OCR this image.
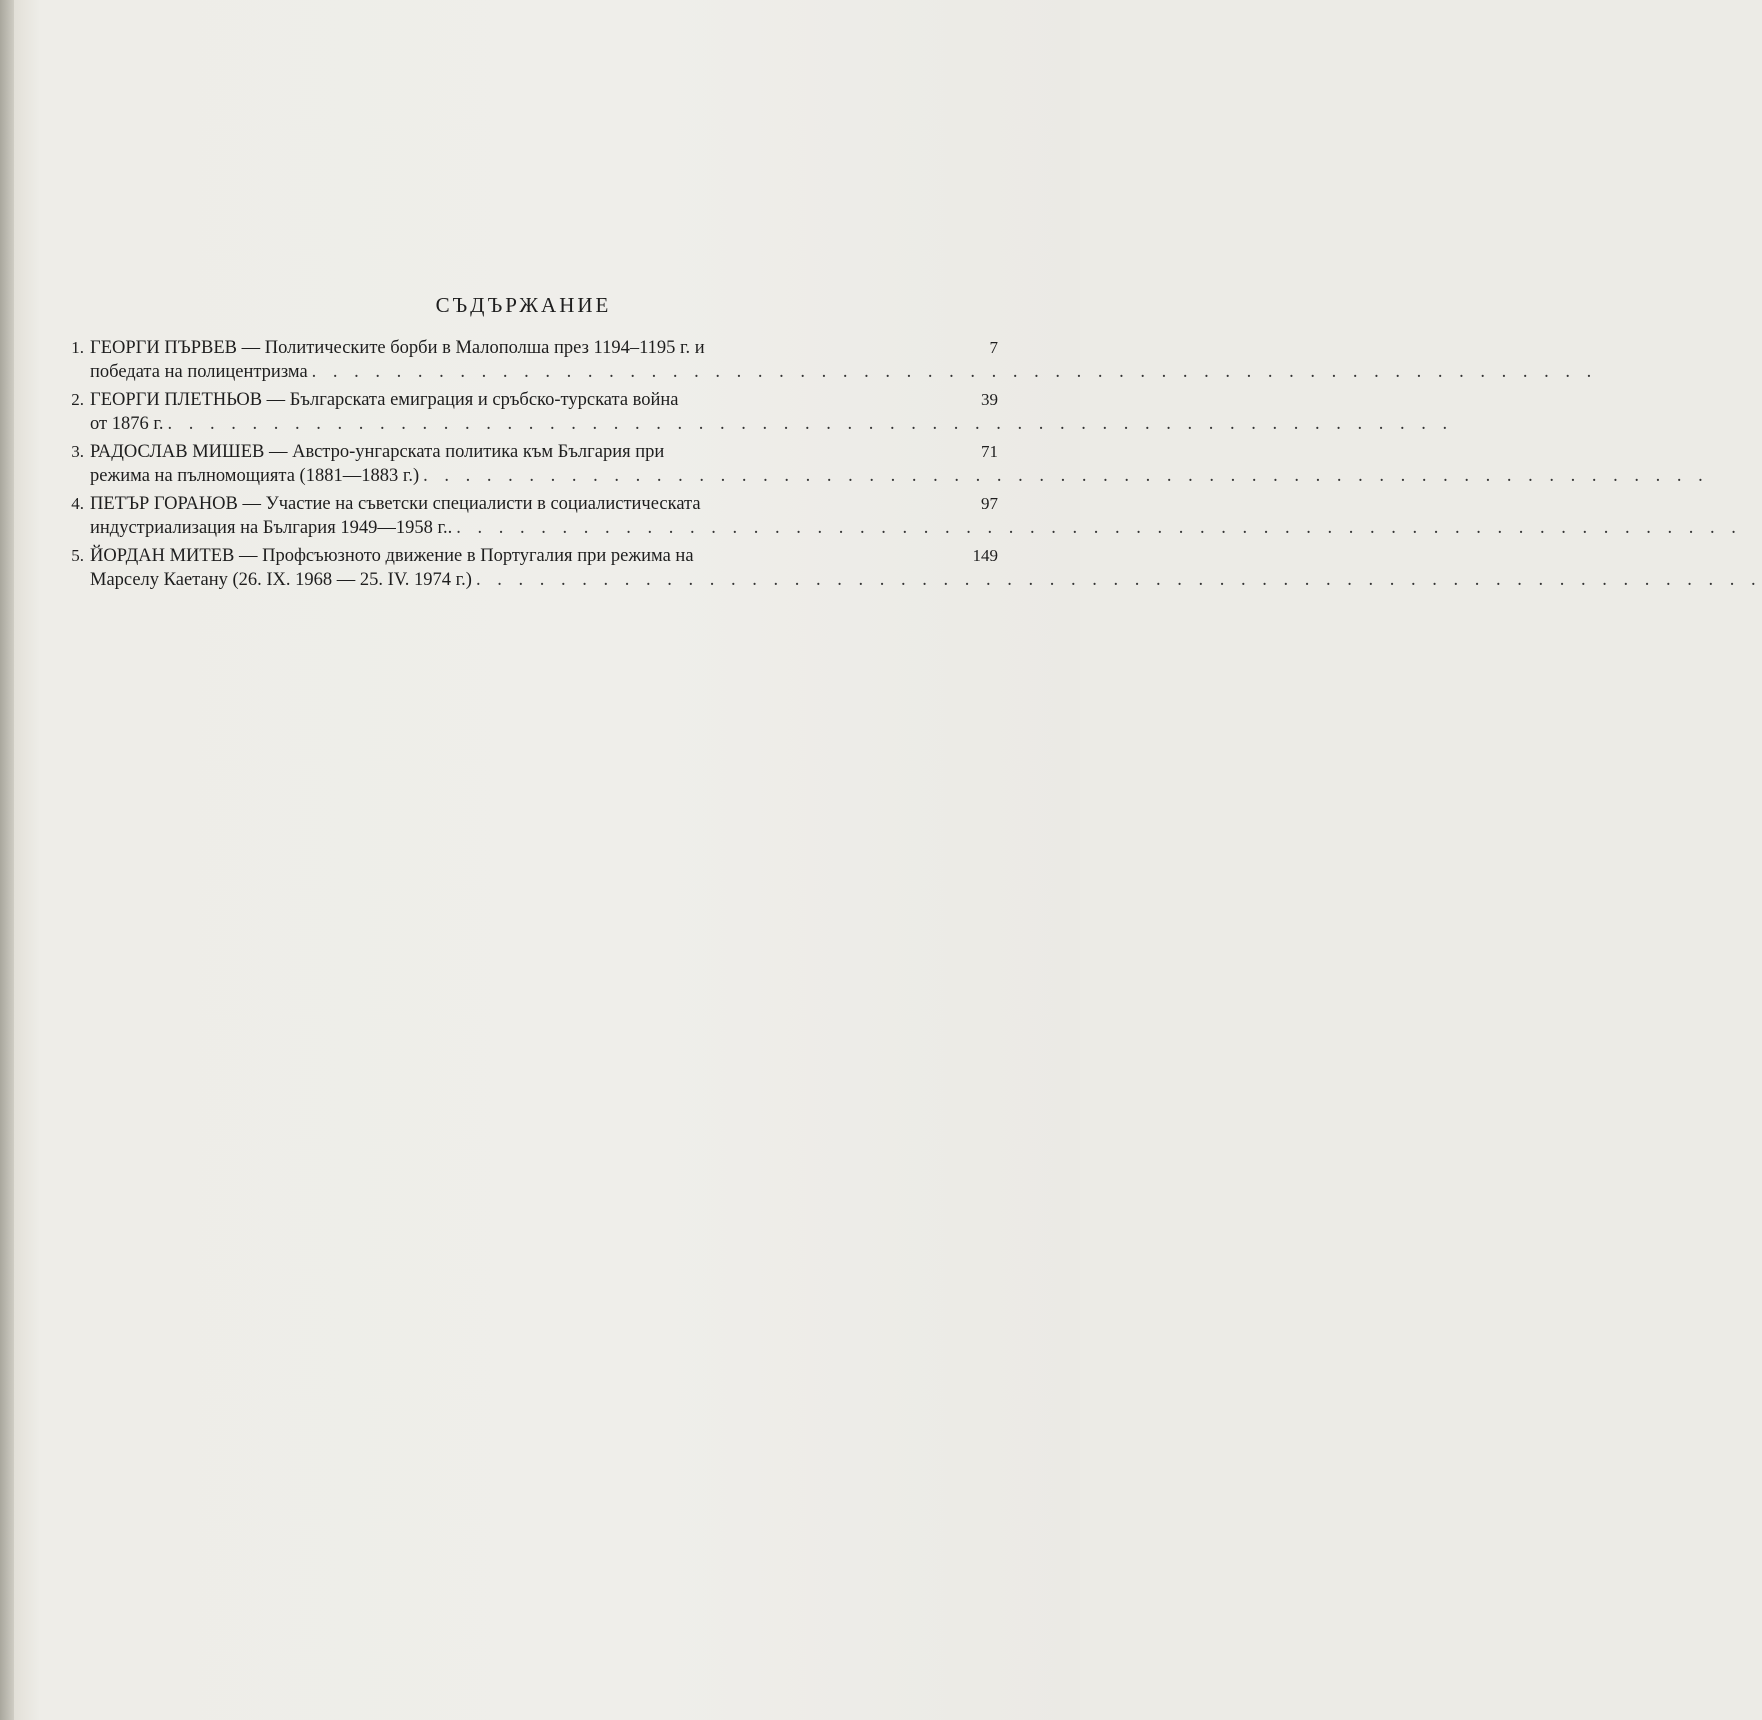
СЪДЪРЖАНИЕ
1. ГЕОРГИ ПЪРВЕВ — Политическите борби в Малополша през 1194–1195 г. и
победата на полицентризма . . . . . . . . . . . . . . . . . . . . . . . . . . . . . . . . . . . . . . . . . . . . . . . . . . . . . . . . . . . . .
7
2. ГЕОРГИ ПЛЕТНЬОВ — Българската емиграция и сръбско-турската война
от 1876 г. . . . . . . . . . . . . . . . . . . . . . . . . . . . . . . . . . . . . . . . . . . . . . . . . . . . . . . . . . . . . .
39
3. РАДОСЛАВ МИШЕВ — Австро-унгарската политика към България при
режима на пълномощията (1881—1883 г.) . . . . . . . . . . . . . . . . . . . . . . . . . . . . . . . . . . . . . . . . . . . . . . . . . . . . . . . . . . . . .
71
4. ПЕТЪР ГОРАНОВ — Участие на съветски специалисти в социалистическата
индустриализация на България 1949—1958 г.. . . . . . . . . . . . . . . . . . . . . . . . . . . . . . . . . . . . . . . . . . . . . . . . . . . . . . . . . . . . . .
97
5. ЙОРДАН МИТЕВ — Профсъюзното движение в Португалия при режима на
Марселу Каетану (26. IX. 1968 — 25. IV. 1974 г.) . . . . . . . . . . . . . . . . . . . . . . . . . . . . . . . . . . . . . . . . . . . . . . . . . . . . . . . . . . . . .
149
